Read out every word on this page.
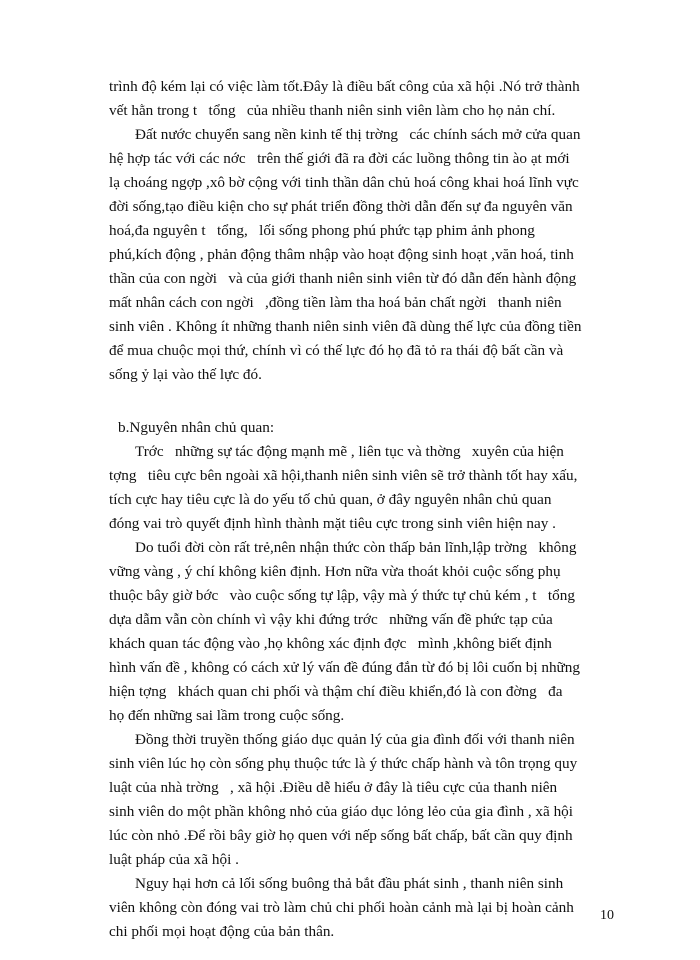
trình độ kém lại có việc làm tốt.Đây là điều bất công của xã hội .Nó trở thành
vết hằn trong t   tổng   của nhiều thanh niên sinh viên làm cho họ nản chí.
Đất nước chuyển sang nền kinh tế thị trờng   các chính sách mở cửa quan
hệ hợp tác với các nớc   trên thế giới đã ra đời các luồng thông tin ào ạt mới
lạ choáng ngợp ,xô bờ cộng với tinh thần dân chủ hoá công khai hoá lĩnh vực
đời sống,tạo điều kiện cho sự phát triển đồng thời dẫn đến sự đa nguyên văn
hoá,đa nguyên t   tổng,   lối sống phong phú phức tạp phim ảnh phong
phú,kích động , phản động thâm nhập vào hoạt động sinh hoạt ,văn hoá, tinh
thần của con ngời   và của giới thanh niên sinh viên từ đó dẫn đến hành động
mất nhân cách con ngời   ,đồng tiền làm tha hoá bản chất ngời   thanh niên
sinh viên . Không ít những thanh niên sinh viên đã dùng thế lực của đồng tiền
để mua chuộc mọi thứ, chính vì có thế lực đó họ đã tỏ ra thái độ bất cần và
sống ỷ lại vào thế lực đó.
b.Nguyên nhân chủ quan:
Trớc   những sự tác động mạnh mẽ , liên tục và thờng   xuyên của hiện
tợng   tiêu cực bên ngoài xã hội,thanh niên sinh viên sẽ trở thành tốt hay xấu,
tích cực hay tiêu cực là do yếu tố chủ quan, ở đây nguyên nhân chủ quan
đóng vai trò quyết định hình thành mặt tiêu cực trong sinh viên hiện nay .
Do tuổi đời còn rất trẻ,nên nhận thức còn thấp bản lĩnh,lập trờng   không
vững vàng , ý chí không kiên định. Hơn nữa vừa thoát khỏi cuộc sống phụ
thuộc bây giờ bớc   vào cuộc sống tự lập, vậy mà ý thức tự chủ kém , t   tổng
dựa dẫm vẫn còn chính vì vậy khi đứng trớc   những vấn đề phức tạp của
khách quan tác động vào ,họ không xác định đợc   mình ,không biết định
hình vấn đề , không có cách xử lý vấn đề đúng đắn từ đó bị lôi cuốn bị những
hiện tợng   khách quan chi phối và thậm chí điều khiển,đó là con đờng   đa
họ đến những sai lầm trong cuộc sống.
Đồng thời truyền thống giáo dục quản lý của gia đình đối với thanh niên
sinh viên lúc họ còn sống phụ thuộc tức là ý thức chấp hành và tôn trọng quy
luật của nhà trờng   , xã hội .Điều dễ hiểu ở đây là tiêu cực của thanh niên
sinh viên do một phần không nhỏ của giáo dục lỏng lẻo của gia đình , xã hội
lúc còn nhỏ .Để rồi bây giờ họ quen với nếp sống bất chấp, bất cần quy định
luật pháp của xã hội .
Nguy hại hơn cả lối sống buông thả bắt đầu phát sinh , thanh niên sinh
viên không còn đóng vai trò làm chủ chi phối hoàn cảnh mà lại bị hoàn cảnh
chi phối mọi hoạt động của bản thân.
10
